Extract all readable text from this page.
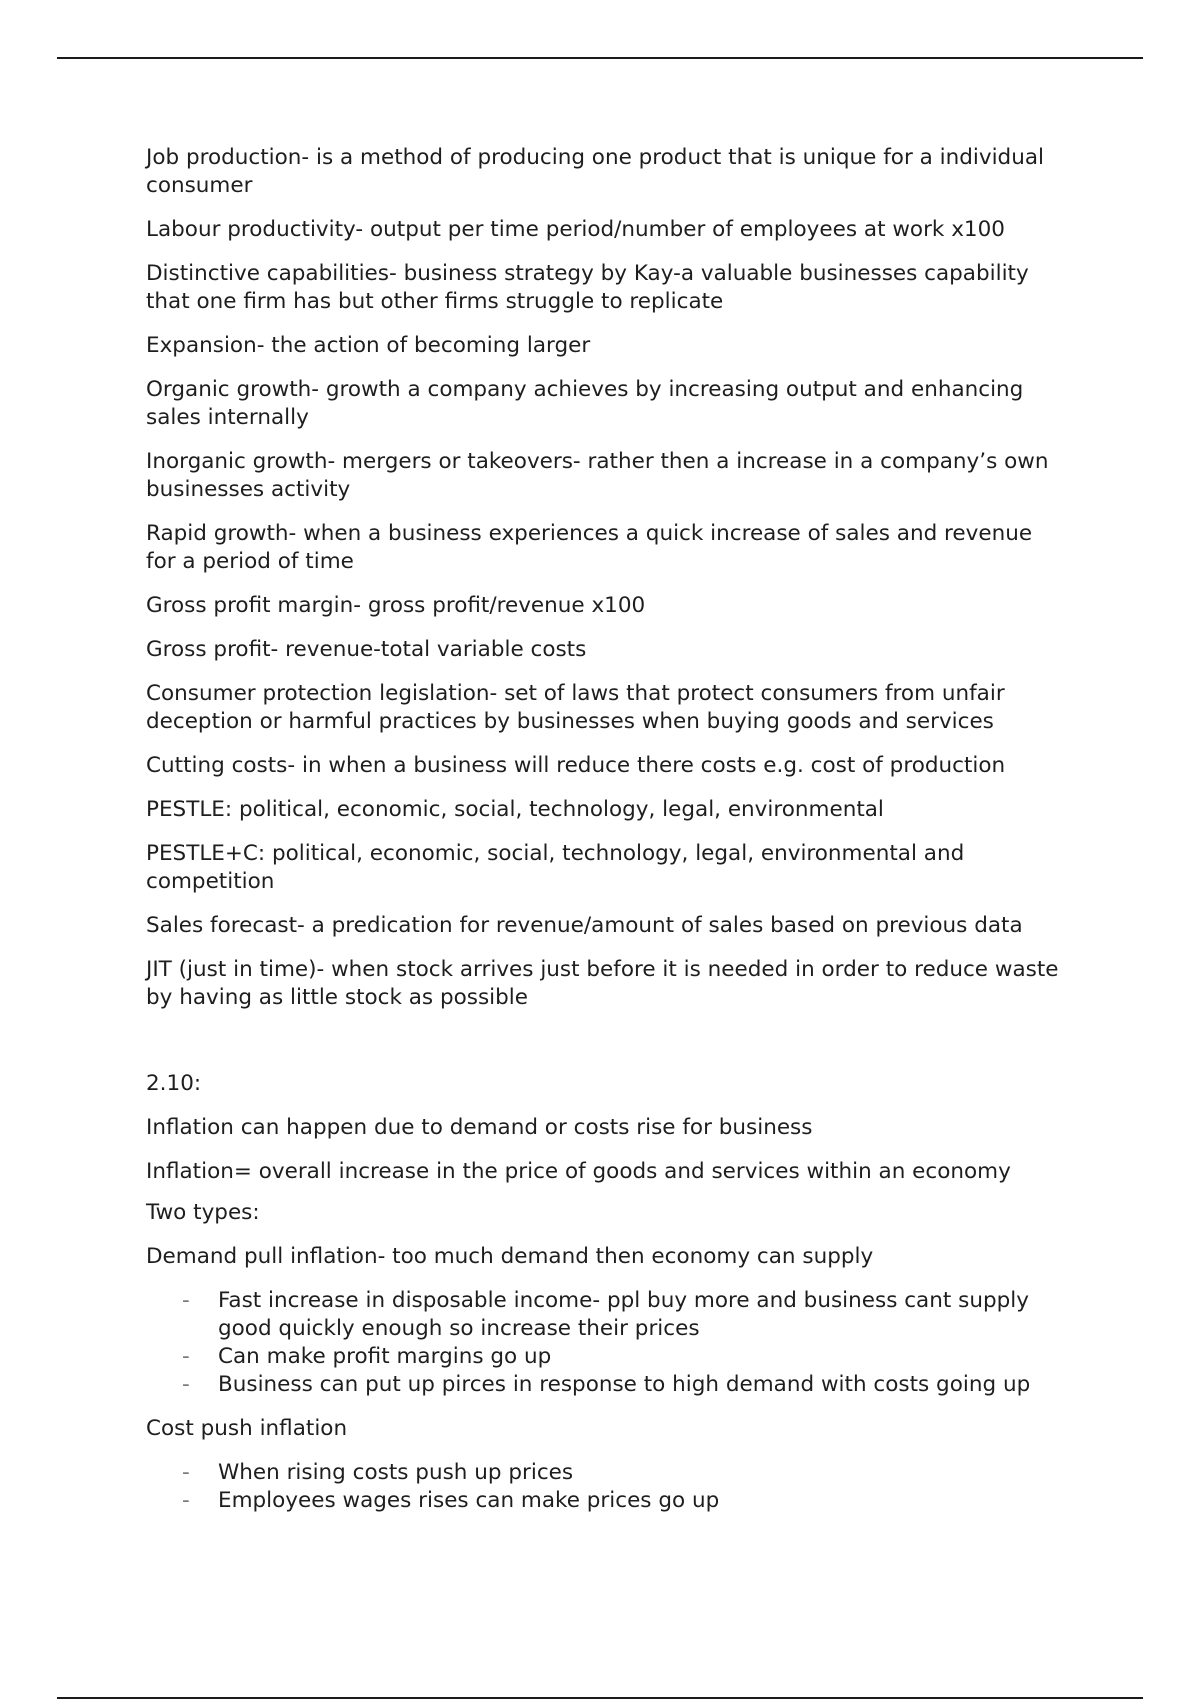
Job production- is a method of producing one product that is unique for a individual consumer

Labour productivity- output per time period/number of employees at work x100

Distinctive capabilities- business strategy by Kay-a valuable businesses capability that one firm has but other firms struggle to replicate

Expansion- the action of becoming larger

Organic growth- growth a company achieves by increasing output and enhancing sales internally

Inorganic growth- mergers or takeovers- rather then a increase in a company’s own businesses activity

Rapid growth- when a business experiences a quick increase of sales and revenue for a period of time

Gross profit margin- gross profit/revenue x100

Gross profit- revenue-total variable costs

Consumer protection legislation- set of laws that protect consumers from unfair deception or harmful practices by businesses when buying goods and services

Cutting costs- in when a business will reduce there costs e.g. cost of production

PESTLE: political, economic, social, technology, legal, environmental

PESTLE+C: political, economic, social, technology, legal, environmental and competition

Sales forecast- a predication for revenue/amount of sales based on previous data

JIT (just in time)- when stock arrives just before it is needed in order to reduce waste by having as little stock as possible

2.10:

Inflation can happen due to demand or costs rise for business

Inflation= overall increase in the price of goods and services within an economy

Two types:

Demand pull inflation- too much demand then economy can supply

- Fast increase in disposable income- ppl buy more and business cant supply good quickly enough so increase their prices
- Can make profit margins go up
- Business can put up pirces in response to high demand with costs going up

Cost push inflation

- When rising costs push up prices
- Employees wages rises can make prices go up
